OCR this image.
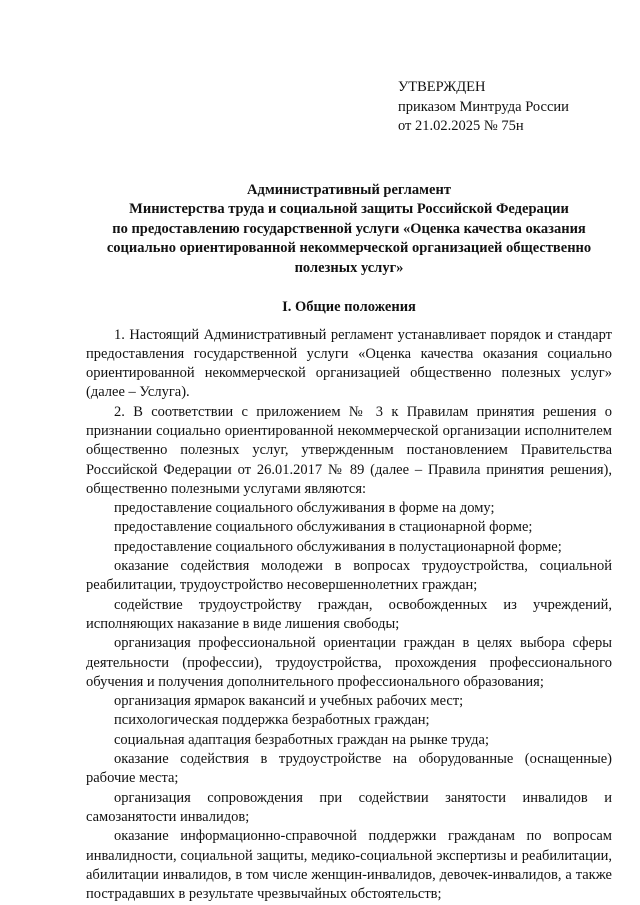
УТВЕРЖДЕН
приказом Минтруда России
от 21.02.2025 № 75н
Административный регламент
Министерства труда и социальной защиты Российской Федерации
по предоставлению государственной услуги «Оценка качества оказания
социально ориентированной некоммерческой организацией общественно
полезных услуг»
I. Общие положения

1. Настоящий Административный регламент устанавливает порядок и стандарт предоставления государственной услуги «Оценка качества оказания социально ориентированной некоммерческой организацией общественно полезных услуг» (далее – Услуга).

2. В соответствии с приложением № 3 к Правилам принятия решения о признании социально ориентированной некоммерческой организации исполнителем общественно полезных услуг, утвержденным постановлением Правительства Российской Федерации от 26.01.2017 № 89 (далее – Правила принятия решения), общественно полезными услугами являются:

предоставление социального обслуживания в форме на дому;

предоставление социального обслуживания в стационарной форме;

предоставление социального обслуживания в полустационарной форме;

оказание содействия молодежи в вопросах трудоустройства, социальной реабилитации, трудоустройство несовершеннолетних граждан;

содействие трудоустройству граждан, освобожденных из учреждений, исполняющих наказание в виде лишения свободы;

организация профессиональной ориентации граждан в целях выбора сферы деятельности (профессии), трудоустройства, прохождения профессионального обучения и получения дополнительного профессионального образования;

организация ярмарок вакансий и учебных рабочих мест;

психологическая поддержка безработных граждан;

социальная адаптация безработных граждан на рынке труда;

оказание содействия в трудоустройстве на оборудованные (оснащенные) рабочие места;

организация сопровождения при содействии занятости инвалидов и самозанятости инвалидов;

оказание информационно-справочной поддержки гражданам по вопросам инвалидности, социальной защиты, медико-социальной экспертизы и реабилитации, абилитации инвалидов, в том числе женщин-инвалидов, девочек-инвалидов, а также пострадавших в результате чрезвычайных обстоятельств;
